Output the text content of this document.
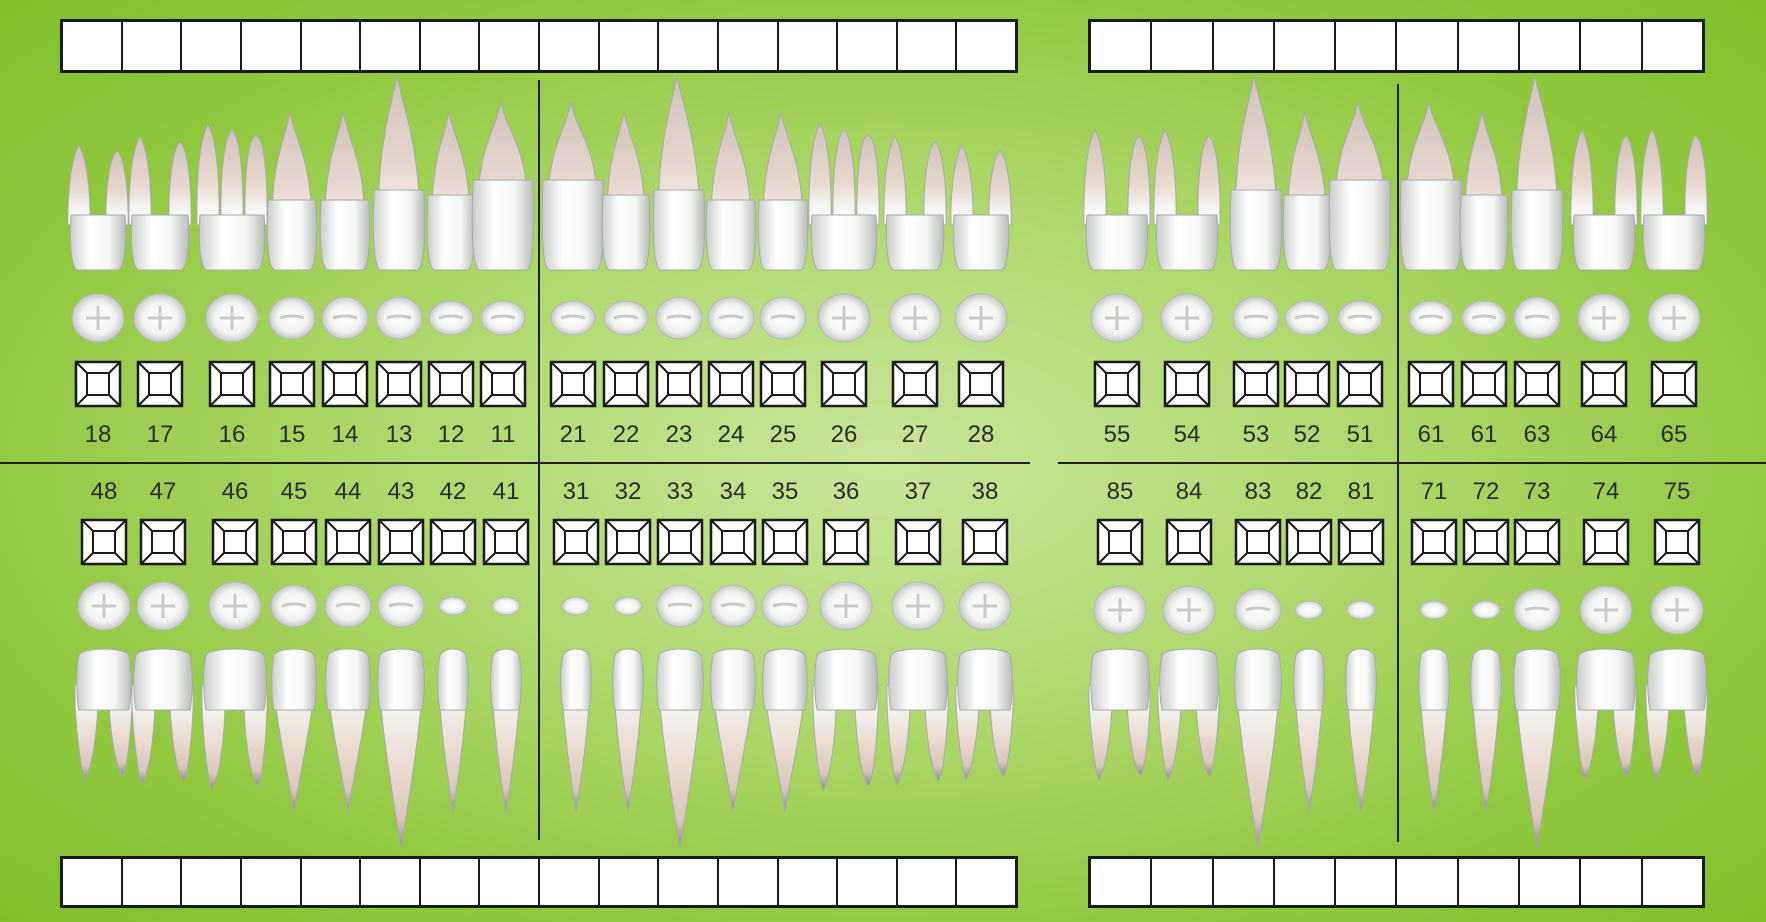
18	17	16	15	14	13	12	11	21	22	23	24	25	26	27	28
48	47	46	45	44	43	42	41	31	32	33	34	35	36	37	38
55	54	53	52	51	61	61	63	64	65
85	84	83	82	81	71	72	73	74	75
